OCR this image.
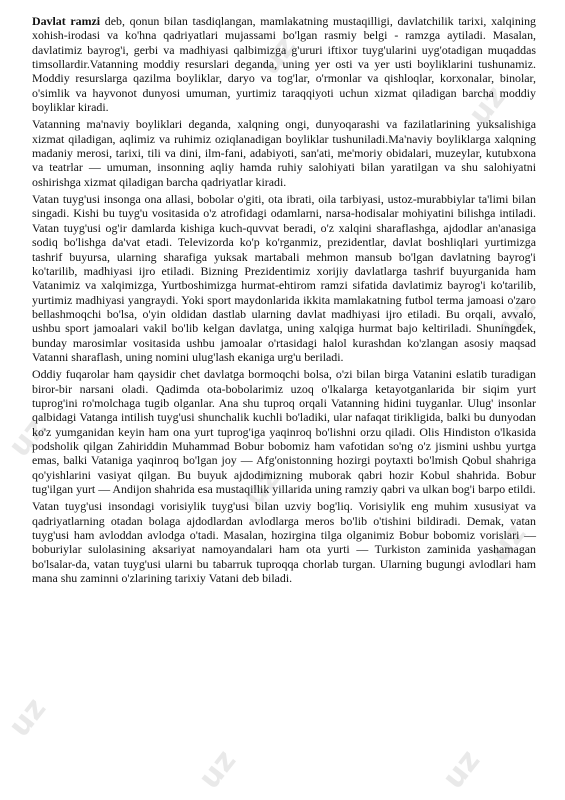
uz
uz
uz
uz
uz
uz
uz
uz	uz

Davlat ramzi deb, qonun bilan tasdiqlangan, mamlakatning mustaqilligi, davlatchilik tarixi, xalqining xohish-irodasi va ko'hna qadriyatlari mujassami bo'lgan rasmiy belgi - ramzga aytiladi. Masalan, davlatimiz bayrog'i, gerbi va madhiyasi qalbimizga g'ururi iftixor tuyg'ularini uyg'otadigan muqaddas timsollardir.Vatanning moddiy resurslari deganda, uning yer osti va yer usti boyliklarini tushunamiz. Moddiy resurslarga qazilma boyliklar, daryo va tog'lar, o'rmonlar va qishloqlar, korxonalar, binolar, o'simlik va hayvonot dunyosi umuman, yurtimiz taraqqiyoti uchun xizmat qiladigan barcha moddiy boyliklar kiradi.

Vatanning ma'naviy boyliklari deganda, xalqning ongi, dunyoqarashi va fazilatlarining yuksalishiga xizmat qiladigan, aqlimiz va ruhimiz oziqlanadigan boyliklar tushuniladi.Ma'naviy boyliklarga xalqning madaniy merosi, tarixi, tili va dini, ilm-fani, adabiyoti, san'ati, me'moriy obidalari, muzeylar, kutubxona va teatrlar — umuman, insonning aqliy hamda ruhiy salohiyati bilan yaratilgan va shu salohiyatni oshirishga xizmat qiladigan barcha qadriyatlar kiradi.

Vatan tuyg'usi insonga ona allasi, bobolar o'giti, ota ibrati, oila tarbiyasi, ustoz-murabbiylar ta'limi bilan singadi. Kishi bu tuyg'u vositasida o'z atrofidagi odamlarni, narsa-hodisalar mohiyatini bilishga intiladi. Vatan tuyg'usi og'ir damlarda kishiga kuch-quvvat beradi, o'z xalqini sharaflashga, ajdodlar an'anasiga sodiq bo'lishga da'vat etadi. Televizorda ko'p ko'rganmiz, prezidentlar, davlat boshliqlari yurtimizga tashrif buyursa, ularning sharafiga yuksak martabali mehmon mansub bo'lgan davlatning bayrog'i ko'tarilib, madhiyasi ijro etiladi. Bizning Prezidentimiz xorijiy davlatlarga tashrif buyurganida ham Vatanimiz va xalqimizga, Yurtboshimizga hurmat-ehtirom ramzi sifatida davlatimiz bayrog'i ko'tarilib, yurtimiz madhiyasi yangraydi. Yoki sport maydonlarida ikkita mamlakatning futbol terma jamoasi o'zaro bellashmoqchi bo'lsa, o'yin oldidan dastlab ularning davlat madhiyasi ijro etiladi. Bu orqali, avvalo, ushbu sport jamoalari vakil bo'lib kelgan davlatga, uning xalqiga hurmat bajo keltiriladi. Shuningdek, bunday marosimlar vositasida ushbu jamoalar o'rtasidagi halol kurashdan ko'zlangan asosiy maqsad Vatanni sharaflash, uning nomini ulug'lash ekaniga urg'u beriladi.

Oddiy fuqarolar ham qaysidir chet davlatga bormoqchi bolsa, o'zi bilan birga Vatanini eslatib turadigan biror-bir narsani oladi. Qadimda ota-bobolarimiz uzoq o'lkalarga ketayotganlarida bir siqim yurt tuprog'ini ro'molchaga tugib olganlar. Ana shu tuproq orqali Vatanning hidini tuyganlar. Ulug' insonlar qalbidagi Vatanga intilish tuyg'usi shunchalik kuchli bo'ladiki, ular nafaqat tirikligida, balki bu dunyodan ko'z yumganidan keyin ham ona yurt tuprog'iga yaqinroq bo'lishni orzu qiladi. Olis Hindiston o'lkasida podsholik qilgan Zahiriddin Muhammad Bobur bobomiz ham vafotidan so'ng o'z jismini ushbu yurtga emas, balki Vataniga yaqinroq bo'lgan joy — Afg'onistonning hozirgi poytaxti bo'lmish Qobul shahriga qo'yishlarini vasiyat qilgan. Bu buyuk ajdodimizning muborak qabri hozir Kobul shahrida. Bobur tug'ilgan yurt — Andijon shahrida esa mustaqillik yillarida uning ramziy qabri va ulkan bog'i barpo etildi.

Vatan tuyg'usi insondagi vorisiylik tuyg'usi bilan uzviy bog'liq. Vorisiylik eng muhim xususiyat va qadriyatlarning otadan bolaga ajdodlardan avlodlarga meros bo'lib o'tishini bildiradi. Demak, vatan tuyg'usi ham avloddan avlodga o'tadi. Masalan, hozirgina tilga olganimiz Bobur bobomiz vorislari — boburiylar sulolasining aksariyat namoyandalari ham ota yurti — Turkiston zaminida yashamagan bo'lsalar-da, vatan tuyg'usi ularni bu tabarruk tuproqqa chorlab turgan. Ularning bugungi avlodlari ham mana shu zaminni o'zlarining tarixiy Vatani deb biladi.
